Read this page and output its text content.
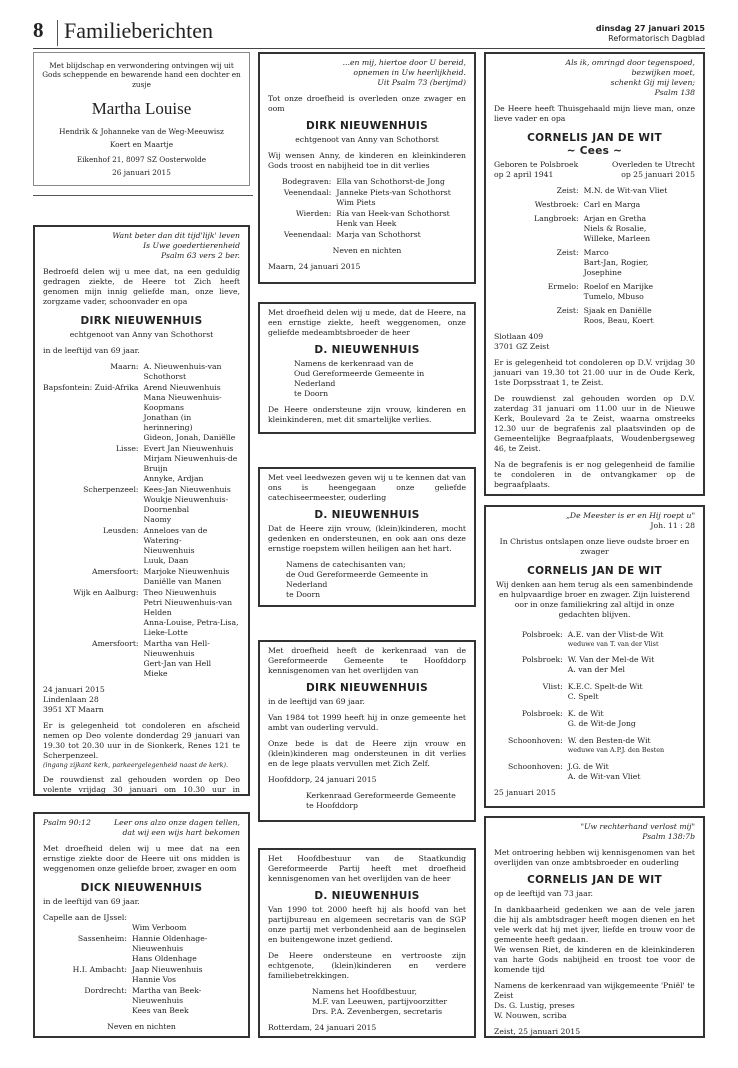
8 Familieberichten	dinsdag 27 januari 2015
Reformatorisch Dagblad

Met blijdschap en verwondering ontvingen wij uit Gods scheppende en bewarende hand een dochter en zusje

Martha Louise

Hendrik & Johanneke van de Weg-Meeuwisz

Koert en Maartje

Eikenhof 21, 8097 SZ Oosterwolde

26 januari 2015

Want beter dan dit tijd'lijk' leven
Is Uwe goedertierenheid
Psalm 63 vers 2 ber.

Bedroefd delen wij u mee dat, na een geduldig gedragen ziekte, de Heere tot Zich heeft genomen mijn innig geliefde man, onze lieve, zorgzame vader, schoonvader en opa

DIRK NIEUWENHUIS
echtgenoot van Anny van Schothorst

in de leeftijd van 69 jaar.

Maarn: A. Nieuwenhuis-van Schothorst
Bapsfontein: Zuid-Afrika Arend Nieuwenhuis
Mana Nieuwenhuis-Koopmans
Jonathan (in herinnering)
Gideon, Jonah, Daniëlle
Lisse: Evert Jan Nieuwenhuis
Mirjam Nieuwenhuis-de Bruijn
Annyke, Ardjan
Scherpenzeel: Kees-Jan Nieuwenhuis
Woukje Nieuwenhuis-
Doornenbal
Naomy
Leusden: Anneloes van de Watering-
Nieuwenhuis
Luuk, Daan
Amersfoort: Marjoke Nieuwenhuis
Daniëlle van Manen
Wijk en Aalburg: Theo Nieuwenhuis
Petri Nieuwenhuis-van Helden
Anna-Louise, Petra-Lisa,
Lieke-Lotte
Amersfoort: Martha van Hell-Nieuwenhuis
Gert-Jan van Hell
Mieke
24 januari 2015
Lindenlaan 28
3951 XT Maarn

Er is gelegenheid tot condoleren en afscheid nemen op Deo volente donderdag 29 januari van 19.30 tot 20.30 uur in de Sionkerk, Renes 121 te Scherpenzeel.

(ingang zijkant kerk, parkeergelegenheid naast de kerk).

De rouwdienst zal gehouden worden op Deo volente vrijdag 30 januari om 10.30 uur in

Psalm 90:12	Leer ons alzo onze dagen tellen,
dat wij een wijs hart bekomen

Met droefheid delen wij u mee dat na een ernstige ziekte door de Heere uit ons midden is weggenomen onze geliefde broer, zwager en oom

DICK NIEUWENHUIS

in de leeftijd van 69 jaar.

Capelle aan de IJssel:

Wim Verboom
Sassenheim: Hannie Oldenhage-Nieuwenhuis
Hans Oldenhage
H.I. Ambacht: Jaap Nieuwenhuis
Hannie Vos
Dordrecht: Martha van Beek-Nieuwenhuis
Kees van Beek

Neven en nichten

...en mij, hiertoe door U bereid,
opnemen in Uw heerlijkheid.
Uit Psalm 73 (berijmd)

Tot onze droefheid is overleden onze zwager en oom

DIRK NIEUWENHUIS
echtgenoot van Anny van Schothorst

Wij wensen Anny, de kinderen en kleinkinderen Gods troost en nabijheid toe in dit verlies

Bodegraven: Ella van Schothorst-de Jong
Veenendaal: Janneke Piets-van Schothorst
Wim Piets
Wierden: Ria van Heek-van Schothorst
Henk van Heek
Veenendaal: Marja van Schothorst

Neven en nichten

Maarn, 24 januari 2015

Met droefheid delen wij u mede, dat de Heere, na een ernstige ziekte, heeft weggenomen, onze geliefde medeambtsbroeder de heer

D. NIEUWENHUIS

Namens de kerkenraad van de
Oud Gereformeerde Gemeente in Nederland
te Doorn

De Heere ondersteune zijn vrouw, kinderen en kleinkinderen, met dit smartelijke verlies.

Met veel leedwezen geven wij u te kennen dat van ons is heengegaan onze geliefde catechiseermeester, ouderling

D. NIEUWENHUIS

Dat de Heere zijn vrouw, (klein)kinderen, mocht gedenken en ondersteunen, en ook aan ons deze ernstige roepstem willen heiligen aan het hart.

Namens de catechisanten van;
de Oud Gereformeerde Gemeente in Nederland
te Doorn

Met droefheid heeft de kerkenraad van de Gereformeerde Gemeente te Hoofddorp kennisgenomen van het overlijden van

DIRK NIEUWENHUIS

in de leeftijd van 69 jaar.

Van 1984 tot 1999 heeft hij in onze gemeente het ambt van ouderling vervuld.

Onze bede is dat de Heere zijn vrouw en (klein)kinderen mag ondersteunen in dit verlies en de lege plaats vervullen met Zich Zelf.

Hoofddorp, 24 januari 2015

Kerkenraad Gereformeerde Gemeente
te Hoofddorp

Het Hoofdbestuur van de Staatkundig Gereformeerde Partij heeft met droefheid kennisgenomen van het overlijden van de heer

D. NIEUWENHUIS

Van 1990 tot 2000 heeft hij als hoofd van het partijbureau en algemeen secretaris van de SGP onze partij met verbondenheid aan de beginselen en buitengewone inzet gediend.

De Heere ondersteune en vertrooste zijn echtgenote, (klein)kinderen en verdere familiebetrekkingen.

Namens het Hoofdbestuur,
M.F. van Leeuwen, partijvoorzitter
Drs. P.A. Zevenbergen, secretaris

Rotterdam, 24 januari 2015

Als ik, omringd door tegenspoed,
bezwijken moet,
schenkt Gij mij leven;
Psalm 138

De Heere heeft Thuisgehaald mijn lieve man, onze lieve vader en opa

CORNELIS JAN DE WIT
~ Cees ~
Geboren te Polsbroek
op 2 april 1941
Overleden te Utrecht
op 25 januari 2015
Zeist: M.N. de Wit-van Vliet
Westbroek: Carl en Marga
Langbroek: Arjan en Gretha
Niels & Rosalie,
Willeke, Marleen
Zeist: Marco
Bart-Jan, Rogier,
Josephine
Ermelo: Roelof en Marijke
Tumelo, Mbuso
Zeist: Sjaak en Daniëlle
Roos, Beau, Koert
Slotlaan 409
3701 GZ Zeist

Er is gelegenheid tot condoleren op D.V. vrijdag 30 januari van 19.30 tot 21.00 uur in de Oude Kerk, 1ste Dorpsstraat 1, te Zeist.

De rouwdienst zal gehouden worden op D.V. zaterdag 31 januari om 11.00 uur in de Nieuwe Kerk, Boulevard 2a te Zeist, waarna omstreeks 12.30 uur de begrafenis zal plaatsvinden op de Gemeentelijke Begraafplaats, Woudenbergseweg 46, te Zeist.

Na de begrafenis is er nog gelegenheid de familie te condoleren in de ontvangkamer op de begraafplaats.

„De Meester is er en Hij roept u"
Joh. 11 : 28

In Christus ontslapen onze lieve oudste broer en zwager

CORNELIS JAN DE WIT

Wij denken aan hem terug als een samenbindende en hulpvaardige broer en zwager. Zijn luisterend oor in onze familiekring zal altijd in onze gedachten blijven.

Polsbroek: A.E. van der Vlist-de Wit
weduwe van T. van der Vlist
Polsbroek: W. Van der Mel-de Wit
A. van der Mel
Vlist: K.E.C. Spelt-de Wit
C. Spelt
Polsbroek: K. de Wit
G. de Wit-de Jong
Schoonhoven: W. den Besten-de Wit
weduwe van A.P.J. den Besten
Schoonhoven: J.G. de Wit
A. de Wit-van Vliet

25 januari 2015

"Uw rechterhand verlost mij"
Psalm 138:7b

Met ontroering hebben wij kennisgenomen van het overlijden van onze ambtsbroeder en ouderling

CORNELIS JAN DE WIT

op de leeftijd van 73 jaar.

In dankbaarheid gedenken we aan de vele jaren die hij als ambtsdrager heeft mogen dienen en het vele werk dat hij met ijver, liefde en trouw voor de gemeente heeft gedaan.

We wensen Riet, de kinderen en de kleinkinderen van harte Gods nabijheid en troost toe voor de komende tijd

Namens de kerkenraad van wijkgemeente 'Pniël' te Zeist
Ds. G. Lustig, preses
W. Nouwen, scriba

Zeist, 25 januari 2015
